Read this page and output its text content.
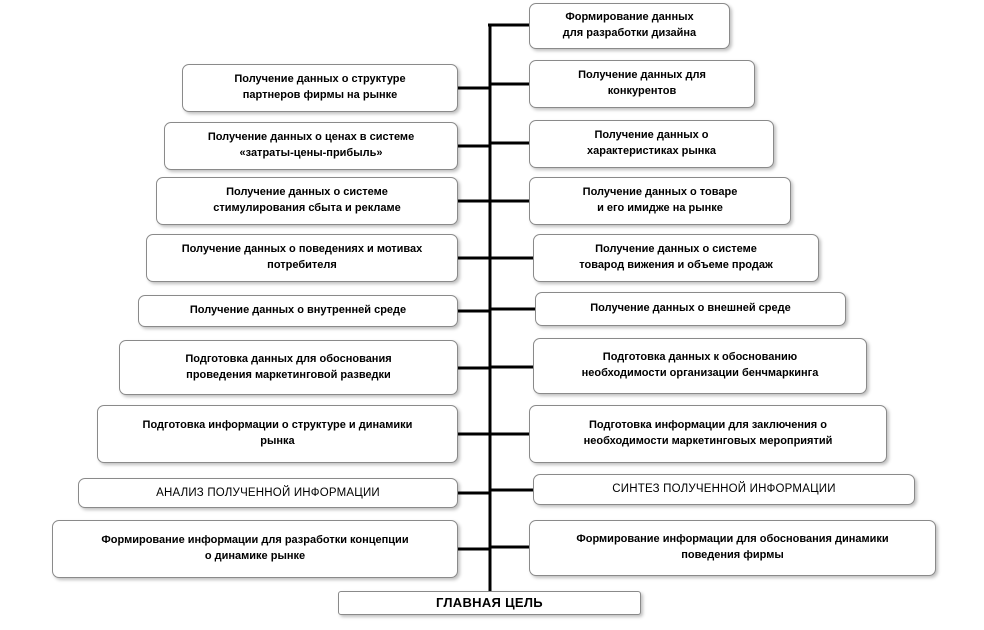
Получение данных о структуре
партнеров фирмы на рынке
Получение данных о ценах в системе
«затраты-цены-прибыль»
Получение данных о системе
стимулирования сбыта и рекламе
Получение данных о поведениях и мотивах
потребителя
Получение данных о внутренней среде
Подготовка данных для обоснования
проведения маркетинговой разведки
Подготовка информации о структуре и динамики
рынка
АНАЛИЗ ПОЛУЧЕННОЙ ИНФОРМАЦИИ
Формирование информации для разработки концепции
о динамике рынке
Формирование данных
для разработки дизайна
Получение данных для
конкурентов
Получение данных о
характеристиках рынка
Получение данных о товаре
и его имидже на рынке
Получение данных о системе
товарод вижения и объеме продаж
Получение данных о внешней среде
Подготовка данных к обоснованию
необходимости организации бенчмаркинга
Подготовка информации для заключения о
необходимости маркетинговых мероприятий
СИНТЕЗ ПОЛУЧЕННОЙ ИНФОРМАЦИИ
Формирование информации для обоснования динамики
поведения фирмы
ГЛАВНАЯ ЦЕЛЬ
